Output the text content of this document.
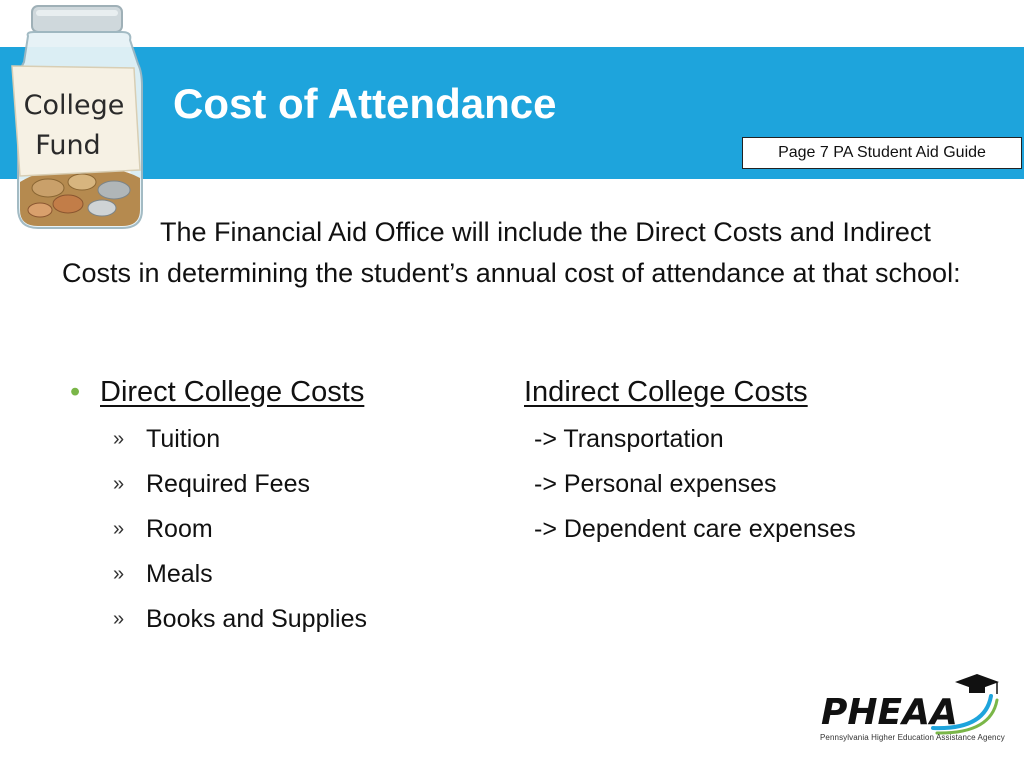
College
Fund
Cost of Attendance
Page 7 PA Student Aid Guide
The Financial Aid Office will include the Direct Costs and Indirect Costs in determining the student’s annual cost of attendance at that school:
• Direct College Costs	Indirect College Costs
» Tuition
» Required Fees
» Room
» Meals
» Books and Supplies
-> Transportation
-> Personal expenses
-> Dependent care expenses
PHEAA
Pennsylvania Higher Education Assistance Agency
